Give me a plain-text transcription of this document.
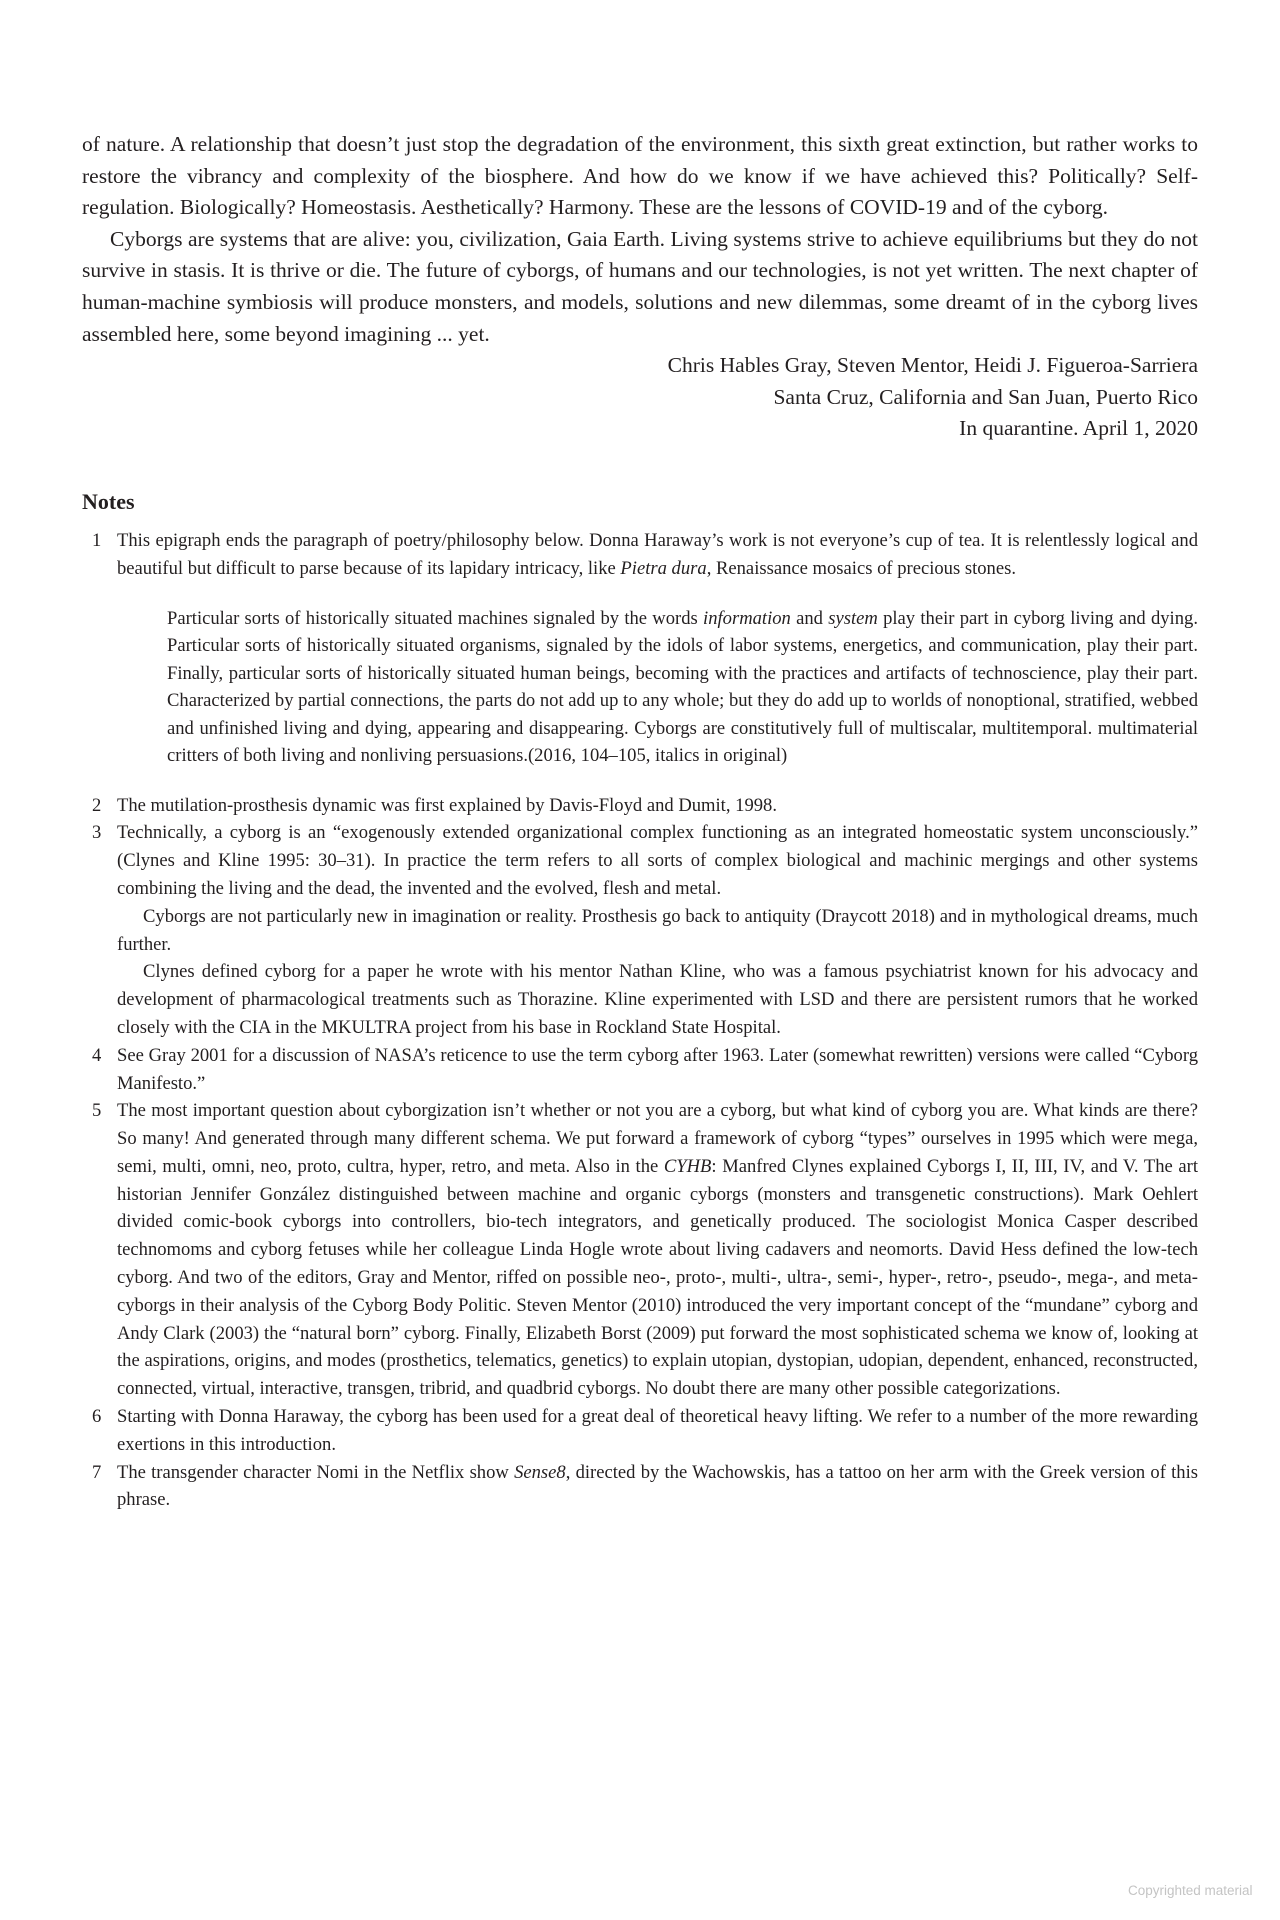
of nature. A relationship that doesn’t just stop the degradation of the environment, this sixth great extinction, but rather works to restore the vibrancy and complexity of the biosphere. And how do we know if we have achieved this? Politically? Self-regulation. Biologically? Homeostasis. Aesthetically? Harmony. These are the lessons of COVID-19 and of the cyborg.

Cyborgs are systems that are alive: you, civilization, Gaia Earth. Living systems strive to achieve equilibriums but they do not survive in stasis. It is thrive or die. The future of cyborgs, of humans and our technologies, is not yet written. The next chapter of human-machine symbiosis will produce monsters, and models, solutions and new dilemmas, some dreamt of in the cyborg lives assembled here, some beyond imagining ... yet.

Chris Hables Gray, Steven Mentor, Heidi J. Figueroa-Sarriera

Santa Cruz, California and San Juan, Puerto Rico

In quarantine. April 1, 2020

Notes
1 This epigraph ends the paragraph of poetry/philosophy below. Donna Haraway’s work is not everyone’s cup of tea. It is relentlessly logical and beautiful but difficult to parse because of its lapidary intricacy, like Pietra dura, Renaissance mosaics of precious stones.

Particular sorts of historically situated machines signaled by the words information and system play their part in cyborg living and dying. Particular sorts of historically situated organisms, signaled by the idols of labor systems, energetics, and communication, play their part. Finally, particular sorts of historically situated human beings, becoming with the practices and artifacts of technoscience, play their part. Characterized by partial connections, the parts do not add up to any whole; but they do add up to worlds of nonoptional, stratified, webbed and unfinished living and dying, appearing and disappearing. Cyborgs are constitutively full of multiscalar, multitemporal. multimaterial critters of both living and nonliving persuasions.(2016, 104–105, italics in original)
2 The mutilation-prosthesis dynamic was first explained by Davis-Floyd and Dumit, 1998.

3 Technically, a cyborg is an “exogenously extended organizational complex functioning as an integrated homeostatic system unconsciously.” (Clynes and Kline 1995: 30–31). In practice the term refers to all sorts of complex biological and machinic mergings and other systems combining the living and the dead, the invented and the evolved, flesh and metal.

Cyborgs are not particularly new in imagination or reality. Prosthesis go back to antiquity (Draycott 2018) and in mythological dreams, much further.

Clynes defined cyborg for a paper he wrote with his mentor Nathan Kline, who was a famous psychiatrist known for his advocacy and development of pharmacological treatments such as Thorazine. Kline experimented with LSD and there are persistent rumors that he worked closely with the CIA in the MKULTRA project from his base in Rockland State Hospital.

4 See Gray 2001 for a discussion of NASA’s reticence to use the term cyborg after 1963. Later (somewhat rewritten) versions were called “Cyborg Manifesto.”

5 The most important question about cyborgization isn’t whether or not you are a cyborg, but what kind of cyborg you are. What kinds are there? So many! And generated through many different schema. We put forward a framework of cyborg “types” ourselves in 1995 which were mega, semi, multi, omni, neo, proto, cultra, hyper, retro, and meta. Also in the CYHB: Manfred Clynes explained Cyborgs I, II, III, IV, and V. The art historian Jennifer González distinguished between machine and organic cyborgs (monsters and transgenetic constructions). Mark Oehlert divided comic-book cyborgs into controllers, bio-tech integrators, and genetically produced. The sociologist Monica Casper described technomoms and cyborg fetuses while her colleague Linda Hogle wrote about living cadavers and neomorts. David Hess defined the low-tech cyborg. And two of the editors, Gray and Mentor, riffed on possible neo-, proto-, multi-, ultra-, semi-, hyper-, retro-, pseudo-, mega-, and meta-cyborgs in their analysis of the Cyborg Body Politic. Steven Mentor (2010) introduced the very important concept of the “mundane” cyborg and Andy Clark (2003) the “natural born” cyborg. Finally, Elizabeth Borst (2009) put forward the most sophisticated schema we know of, looking at the aspirations, origins, and modes (prosthetics, telematics, genetics) to explain utopian, dystopian, udopian, dependent, enhanced, reconstructed, connected, virtual, interactive, transgen, tribrid, and quadbrid cyborgs. No doubt there are many other possible categorizations.

6 Starting with Donna Haraway, the cyborg has been used for a great deal of theoretical heavy lifting. We refer to a number of the more rewarding exertions in this introduction.

7 The transgender character Nomi in the Netflix show Sense8, directed by the Wachowskis, has a tattoo on her arm with the Greek version of this phrase.

Copyrighted material
